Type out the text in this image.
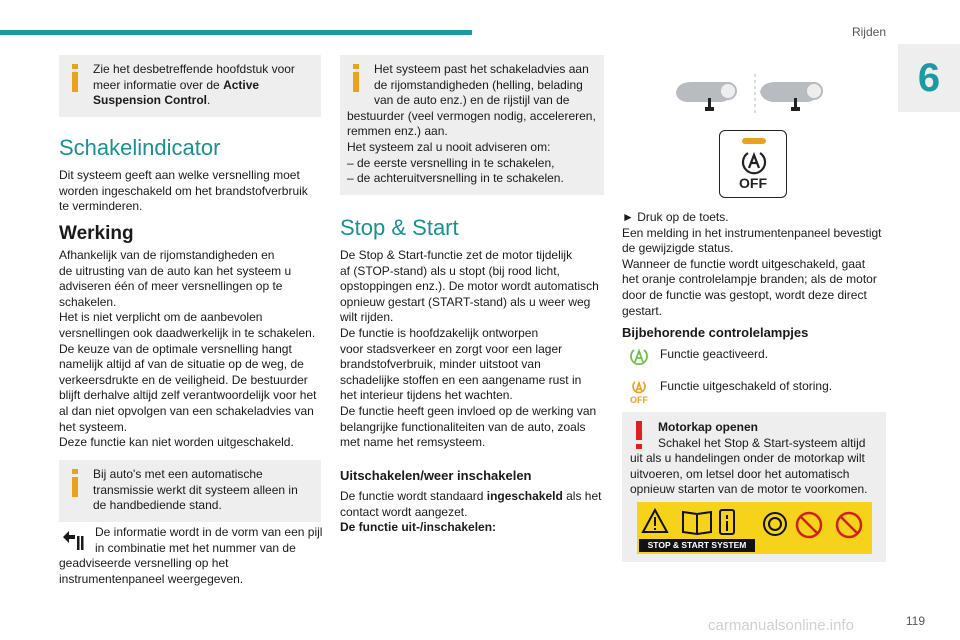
Rijden
6
Zie het desbetreffende hoofdstuk voor meer informatie over de Active Suspension Control.
Schakelindicator

Dit systeem geeft aan welke versnelling moet worden ingeschakeld om het brandstofverbruik te verminderen.

Werking

Afhankelijk van de rijomstandigheden en

de uitrusting van de auto kan het systeem u

adviseren één of meer versnellingen op te

schakelen.

Het is niet verplicht om de aanbevolen

versnellingen ook daadwerkelijk in te schakelen.

De keuze van de optimale versnelling hangt

namelijk altijd af van de situatie op de weg, de

verkeersdrukte en de veiligheid. De bestuurder

blijft derhalve altijd zelf verantwoordelijk voor het

al dan niet opvolgen van een schakeladvies van

het systeem.

Deze functie kan niet worden uitgeschakeld.

Bij auto's met een automatische transmissie werkt dit systeem alleen in de handbediende stand.

De informatie wordt in de vorm van een pijl in combinatie met het nummer van de geadviseerde versnelling op het instrumentenpaneel weergegeven.

Het systeem past het schakeladvies aan de rijomstandigheden (helling, belading van de auto enz.) en de rijstijl van de bestuurder (veel vermogen nodig, accelereren, remmen enz.) aan.
Het systeem zal u nooit adviseren om:
– de eerste versnelling in te schakelen,
– de achteruitversnelling in te schakelen.
Stop & Start

De Stop & Start-functie zet de motor tijdelijk

af (STOP-stand) als u stopt (bij rood licht,

opstoppingen enz.). De motor wordt automatisch

opnieuw gestart (START-stand) als u weer weg

wilt rijden.

De functie is hoofdzakelijk ontworpen

voor stadsverkeer en zorgt voor een lager

brandstofverbruik, minder uitstoot van

schadelijke stoffen en een aangename rust in

het interieur tijdens het wachten.

De functie heeft geen invloed op de werking van

belangrijke functionaliteiten van de auto, zoals

met name het remsysteem.

Uitschakelen/weer inschakelen

De functie wordt standaard ingeschakeld als het contact wordt aangezet.

De functie uit-/inschakelen:

OFF

► Druk op de toets.

Een melding in het instrumentenpaneel bevestigt

de gewijzigde status.

Wanneer de functie wordt uitgeschakeld, gaat

het oranje controlelampje branden; als de motor

door de functie was gestopt, wordt deze direct

gestart.

Bijbehorende controlelampjes

Functie geactiveerd.

OFF

Functie uitgeschakeld of storing.

Motorkap openen
Schakel het Stop & Start-systeem altijd uit als u handelingen onder de motorkap wilt uitvoeren, om letsel door het automatisch opnieuw starten van de motor te voorkomen.
STOP & START SYSTEM
119
carmanualsonline.info
